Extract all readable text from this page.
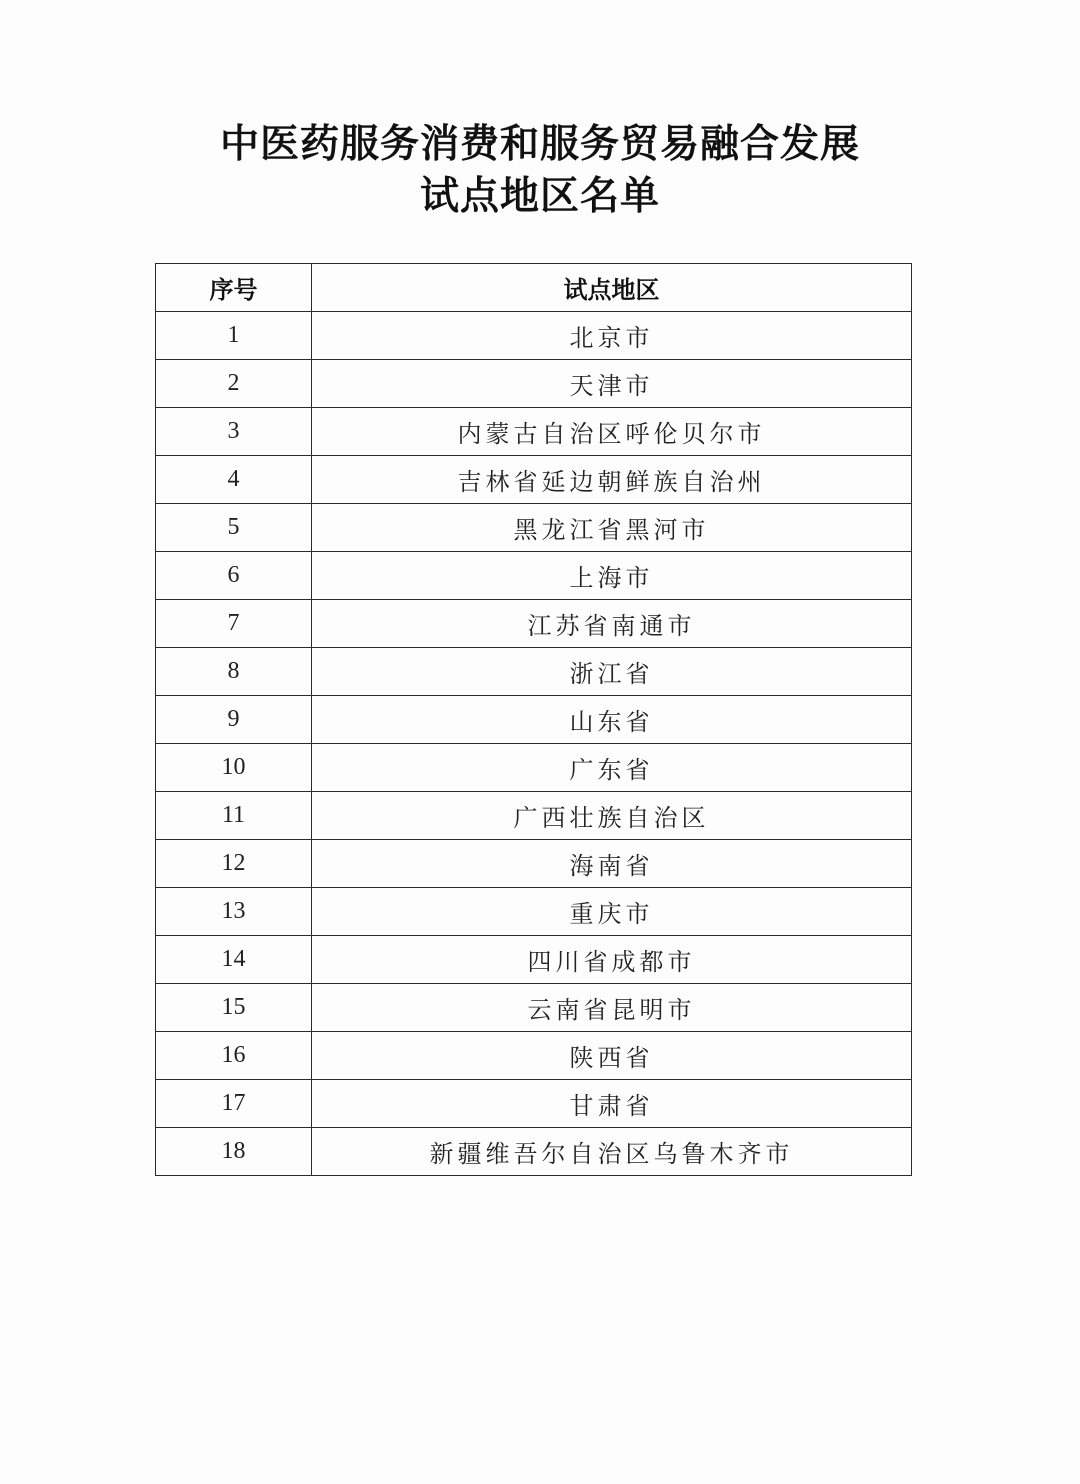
中医药服务消费和服务贸易融合发展
试点地区名单
序号	试点地区
1	北京市
2	天津市
3	内蒙古自治区呼伦贝尔市
4	吉林省延边朝鲜族自治州
5	黑龙江省黑河市
6	上海市
7	江苏省南通市
8	浙江省
9	山东省
10	广东省
11	广西壮族自治区
12	海南省
13	重庆市
14	四川省成都市
15	云南省昆明市
16	陕西省
17	甘肃省
18	新疆维吾尔自治区乌鲁木齐市
